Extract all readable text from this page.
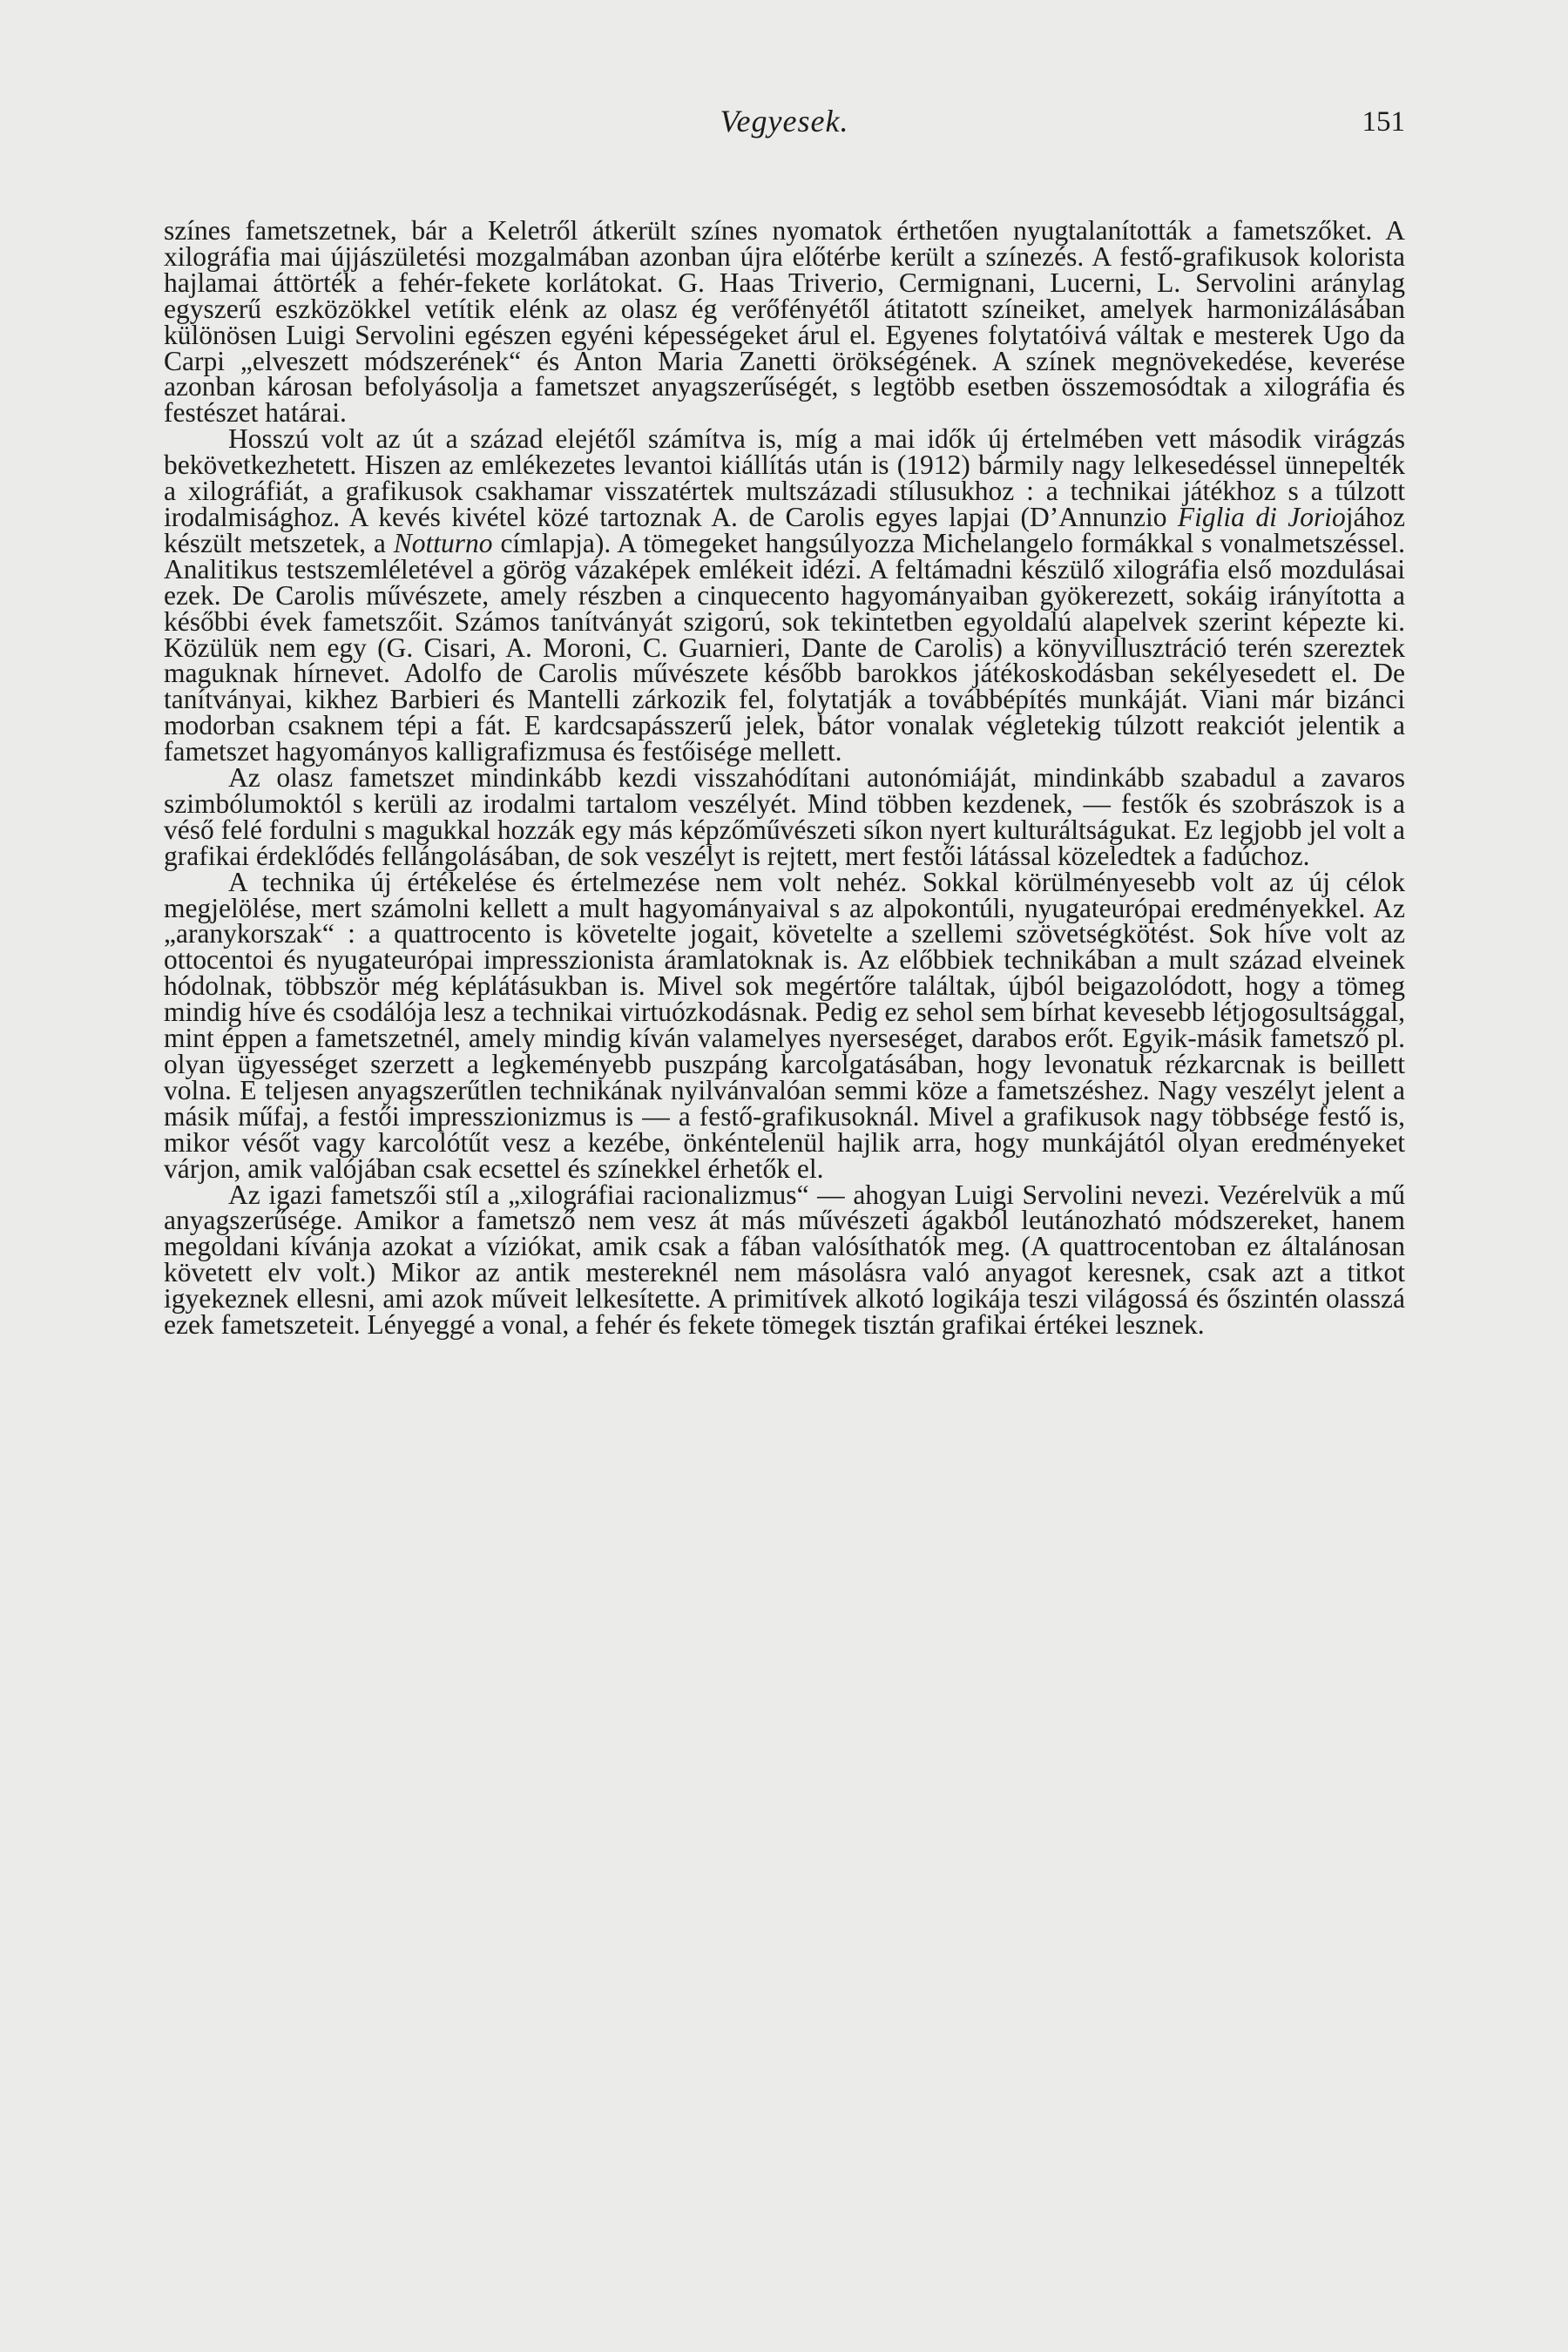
Vegyesek.	151

színes fametszetnek, bár a Keletről átkerült színes nyomatok érthetően nyugtalanították a fametszőket. A xilográfia mai újjászületési mozgalmában azonban újra előtérbe került a színezés. A festő-grafikusok kolorista hajlamai áttörték a fehér-fekete korlátokat. G. Haas Triverio, Cermignani, Lucerni, L. Servolini aránylag egyszerű eszközökkel vetítik elénk az olasz ég verőfényétől átitatott színeiket, amelyek harmonizálásában különösen Luigi Servolini egészen egyéni képességeket árul el. Egyenes folytatóivá váltak e mesterek Ugo da Carpi „elveszett módszerének“ és Anton Maria Zanetti örökségének. A színek megnövekedése, keverése azonban károsan befolyásolja a fametszet anyagszerűségét, s legtöbb esetben összemosódtak a xilográfia és festészet határai.

Hosszú volt az út a század elejétől számítva is, míg a mai idők új értelmében vett második virágzás bekövetkezhetett. Hiszen az emlékezetes levantoi kiállítás után is (1912) bármily nagy lelkesedéssel ünnepelték a xilográfiát, a grafikusok csakhamar visszatértek multszázadi stílusukhoz : a technikai játékhoz s a túlzott irodalmisághoz. A kevés kivétel közé tartoznak A. de Carolis egyes lapjai (D’Annunzio Figlia di Joriojához készült metszetek, a Notturno címlapja). A tömegeket hangsúlyozza Michelangelo formákkal s vonalmetszéssel. Analitikus testszemléletével a görög vázaképek emlékeit idézi. A feltámadni készülő xilográfia első mozdulásai ezek. De Carolis művészete, amely részben a cinquecento hagyományaiban gyökerezett, sokáig irányította a későbbi évek fametszőit. Számos tanítványát szigorú, sok tekintetben egyoldalú alapelvek szerint képezte ki. Közülük nem egy (G. Cisari, A. Moroni, C. Guarnieri, Dante de Carolis) a könyvillusztráció terén szereztek maguknak hírnevet. Adolfo de Carolis művészete később barokkos játékoskodásban sekélyesedett el. De tanítványai, kikhez Barbieri és Mantelli zárkozik fel, folytatják a továbbépítés munkáját. Viani már bizánci modorban csaknem tépi a fát. E kardcsapásszerű jelek, bátor vonalak végletekig túlzott reakciót jelentik a fametszet hagyományos kalligrafizmusa és festőisége mellett.

Az olasz fametszet mindinkább kezdi visszahódítani autonómiáját, mindinkább szabadul a zavaros szimbólumoktól s kerüli az irodalmi tartalom veszélyét. Mind többen kezdenek, — festők és szobrászok is a véső felé fordulni s magukkal hozzák egy más képzőművészeti síkon nyert kulturáltságukat. Ez legjobb jel volt a grafikai érdeklődés fellángolásában, de sok veszélyt is rejtett, mert festői látással közeledtek a fadúchoz.

A technika új értékelése és értelmezése nem volt nehéz. Sokkal körülményesebb volt az új célok megjelölése, mert számolni kellett a mult hagyományaival s az alpokontúli, nyugateurópai eredményekkel. Az „aranykorszak“ : a quattrocento is követelte jogait, követelte a szellemi szövetségkötést. Sok híve volt az ottocentoi és nyugateurópai impresszionista áramlatoknak is. Az előbbiek technikában a mult század elveinek hódolnak, többször még képlátásukban is. Mivel sok megértőre találtak, újból beigazolódott, hogy a tömeg mindig híve és csodálója lesz a technikai virtuózkodásnak. Pedig ez sehol sem bírhat kevesebb létjogosultsággal, mint éppen a fametszetnél, amely mindig kíván valamelyes nyerseséget, darabos erőt. Egyik-másik fametsző pl. olyan ügyességet szerzett a legkeményebb puszpáng karcolgatásában, hogy levonatuk rézkarcnak is beillett volna. E teljesen anyagszerűtlen technikának nyilvánvalóan semmi köze a fametszéshez. Nagy veszélyt jelent a másik műfaj, a festői impresszionizmus is — a festő-grafikusoknál. Mivel a grafikusok nagy többsége festő is, mikor vésőt vagy karcolótűt vesz a kezébe, önkéntelenül hajlik arra, hogy munkájától olyan eredményeket várjon, amik valójában csak ecsettel és színekkel érhetők el.

Az igazi fametszői stíl a „xilográfiai racionalizmus“ — ahogyan Luigi Servolini nevezi. Vezérelvük a mű anyagszerűsége. Amikor a fametsző nem vesz át más művészeti ágakból leutánozható módszereket, hanem megoldani kívánja azokat a víziókat, amik csak a fában valósíthatók meg. (A quattrocentoban ez általánosan követett elv volt.) Mikor az antik mestereknél nem másolásra való anyagot keresnek, csak azt a titkot igyekeznek ellesni, ami azok műveit lelkesítette. A primitívek alkotó logikája teszi világossá és őszintén olasszá ezek fametszeteit. Lényeggé a vonal, a fehér és fekete tömegek tisztán grafikai értékei lesznek.
